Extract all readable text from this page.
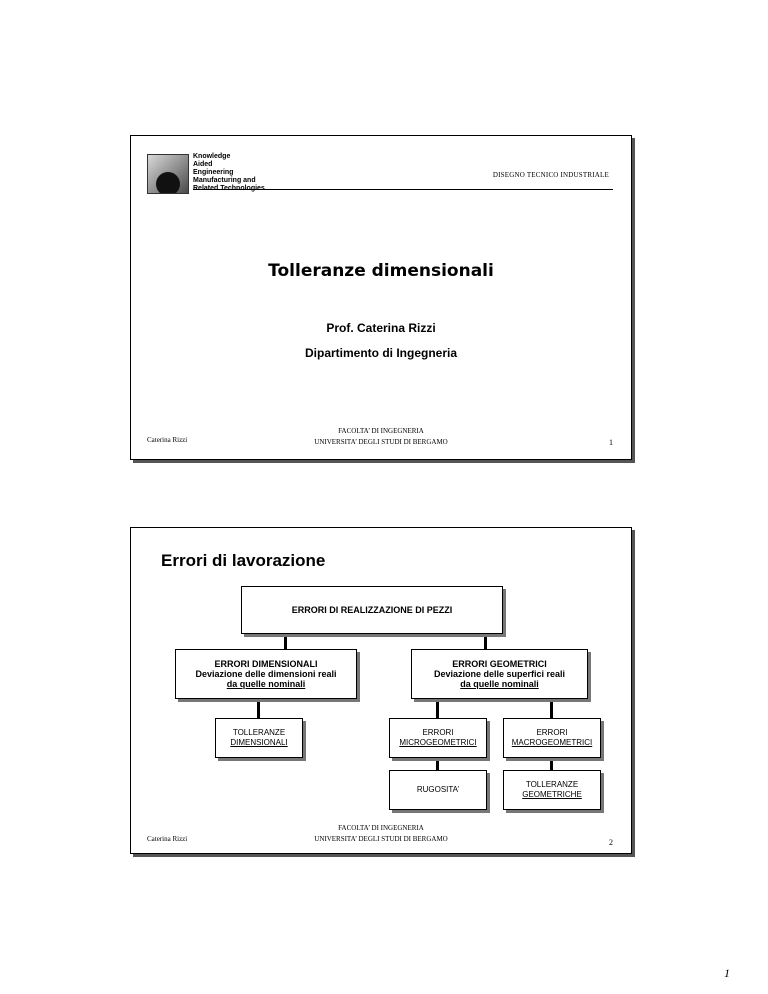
Knowledge
Aided
Engineering
Manufacturing and
Related Technologies
DISEGNO TECNICO INDUSTRIALE
Tolleranze dimensionali
Prof. Caterina Rizzi
Dipartimento di Ingegneria
Caterina Rizzi
FACOLTA’ DI INGEGNERIA
UNIVERSITA’ DEGLI STUDI DI BERGAMO	1
Errori di lavorazione
ERRORI DI REALIZZAZIONE DI PEZZI
ERRORI DIMENSIONALI
Deviazione delle dimensioni reali
da quelle nominali
ERRORI GEOMETRICI
Deviazione delle superfici reali
da quelle nominali
TOLLERANZE
DIMENSIONALI
ERRORI
MICROGEOMETRICI
ERRORI
MACROGEOMETRICI
RUGOSITA’
TOLLERANZE
GEOMETRICHE
Caterina Rizzi
FACOLTA’ DI INGEGNERIA
UNIVERSITA’ DEGLI STUDI DI BERGAMO	2
1
